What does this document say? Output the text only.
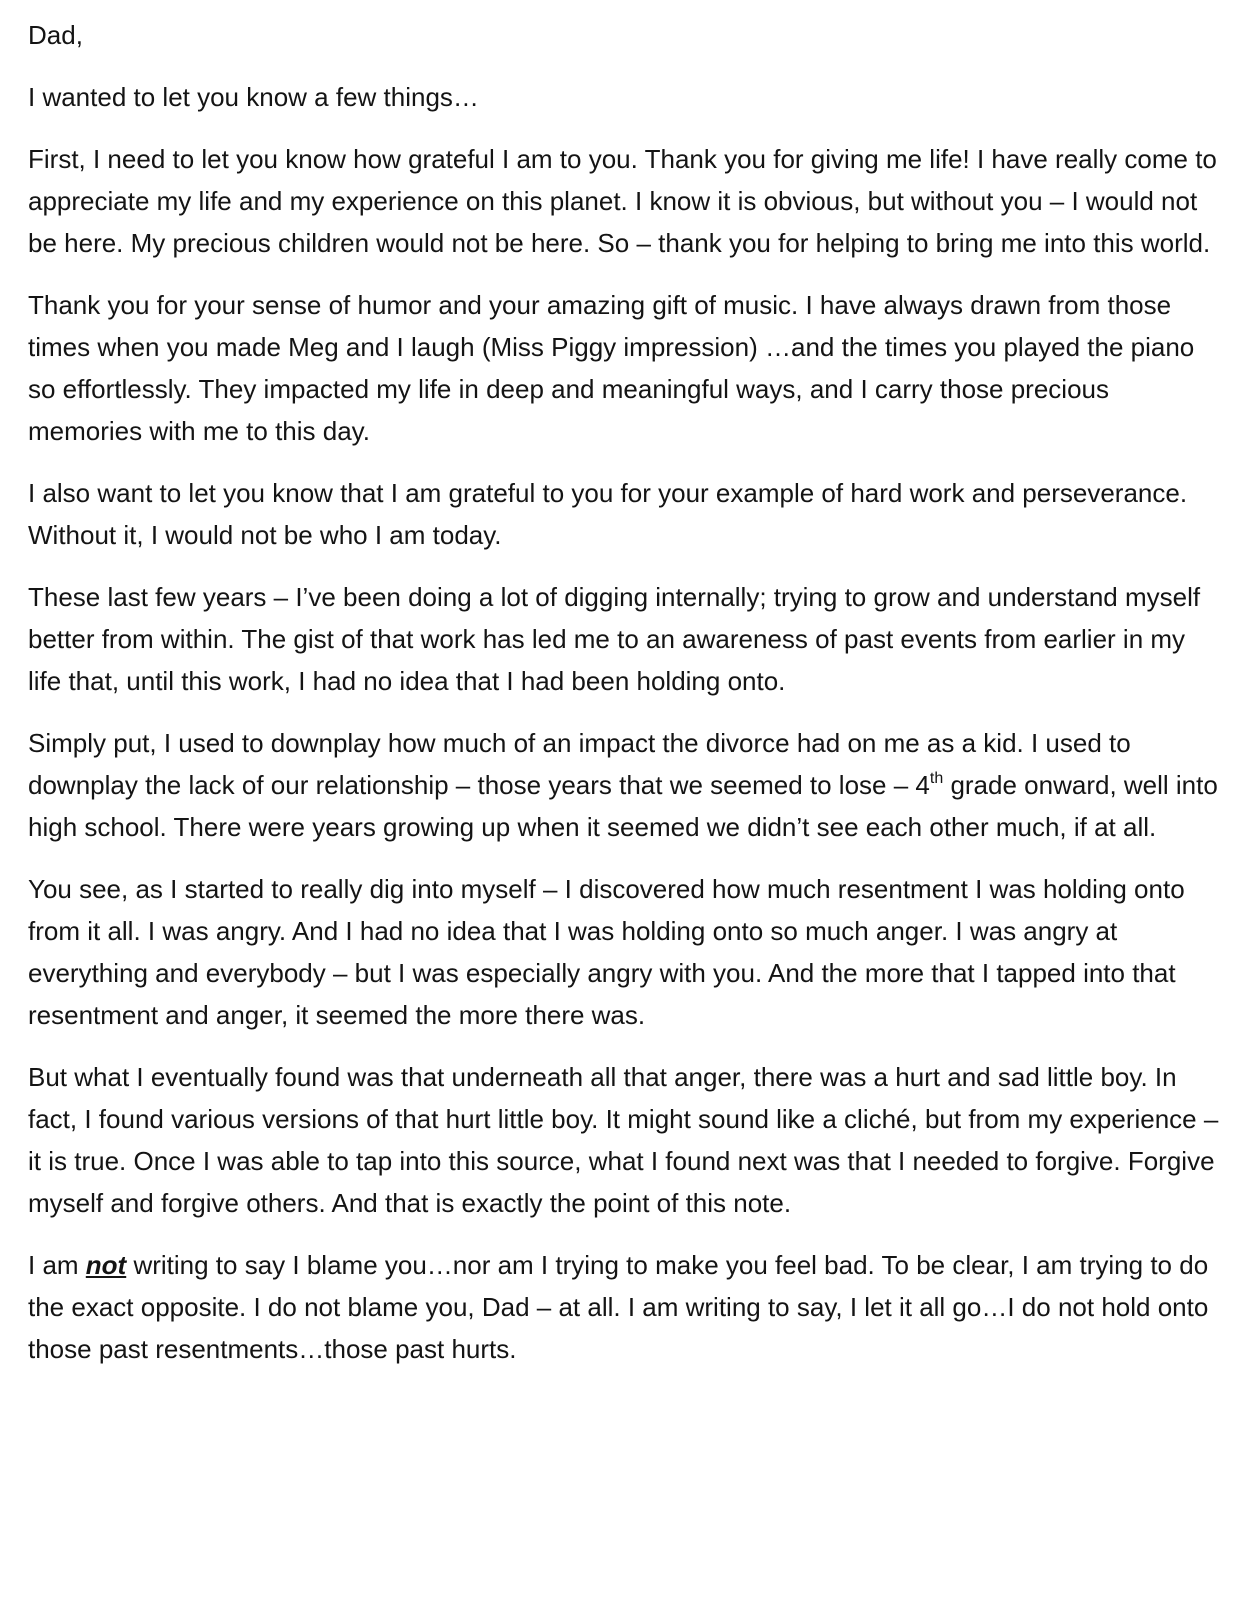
Dad,

I wanted to let you know a few things…

First, I need to let you know how grateful I am to you. Thank you for giving me life! I have really come to appreciate my life and my experience on this planet. I know it is obvious, but without you – I would not be here. My precious children would not be here. So – thank you for helping to bring me into this world.

Thank you for your sense of humor and your amazing gift of music. I have always drawn from those times when you made Meg and I laugh (Miss Piggy impression) …and the times you played the piano so effortlessly. They impacted my life in deep and meaningful ways, and I carry those precious memories with me to this day.

I also want to let you know that I am grateful to you for your example of hard work and perseverance. Without it, I would not be who I am today.

These last few years – I’ve been doing a lot of digging internally; trying to grow and understand myself better from within. The gist of that work has led me to an awareness of past events from earlier in my life that, until this work, I had no idea that I had been holding onto.

Simply put, I used to downplay how much of an impact the divorce had on me as a kid. I used to downplay the lack of our relationship – those years that we seemed to lose – 4th grade onward, well into high school. There were years growing up when it seemed we didn’t see each other much, if at all.

You see, as I started to really dig into myself – I discovered how much resentment I was holding onto from it all. I was angry. And I had no idea that I was holding onto so much anger. I was angry at everything and everybody – but I was especially angry with you. And the more that I tapped into that resentment and anger, it seemed the more there was.

But what I eventually found was that underneath all that anger, there was a hurt and sad little boy. In fact, I found various versions of that hurt little boy. It might sound like a cliché, but from my experience – it is true. Once I was able to tap into this source, what I found next was that I needed to forgive. Forgive myself and forgive others. And that is exactly the point of this note.

I am not writing to say I blame you…nor am I trying to make you feel bad. To be clear, I am trying to do the exact opposite. I do not blame you, Dad – at all. I am writing to say, I let it all go…I do not hold onto those past resentments…those past hurts.
